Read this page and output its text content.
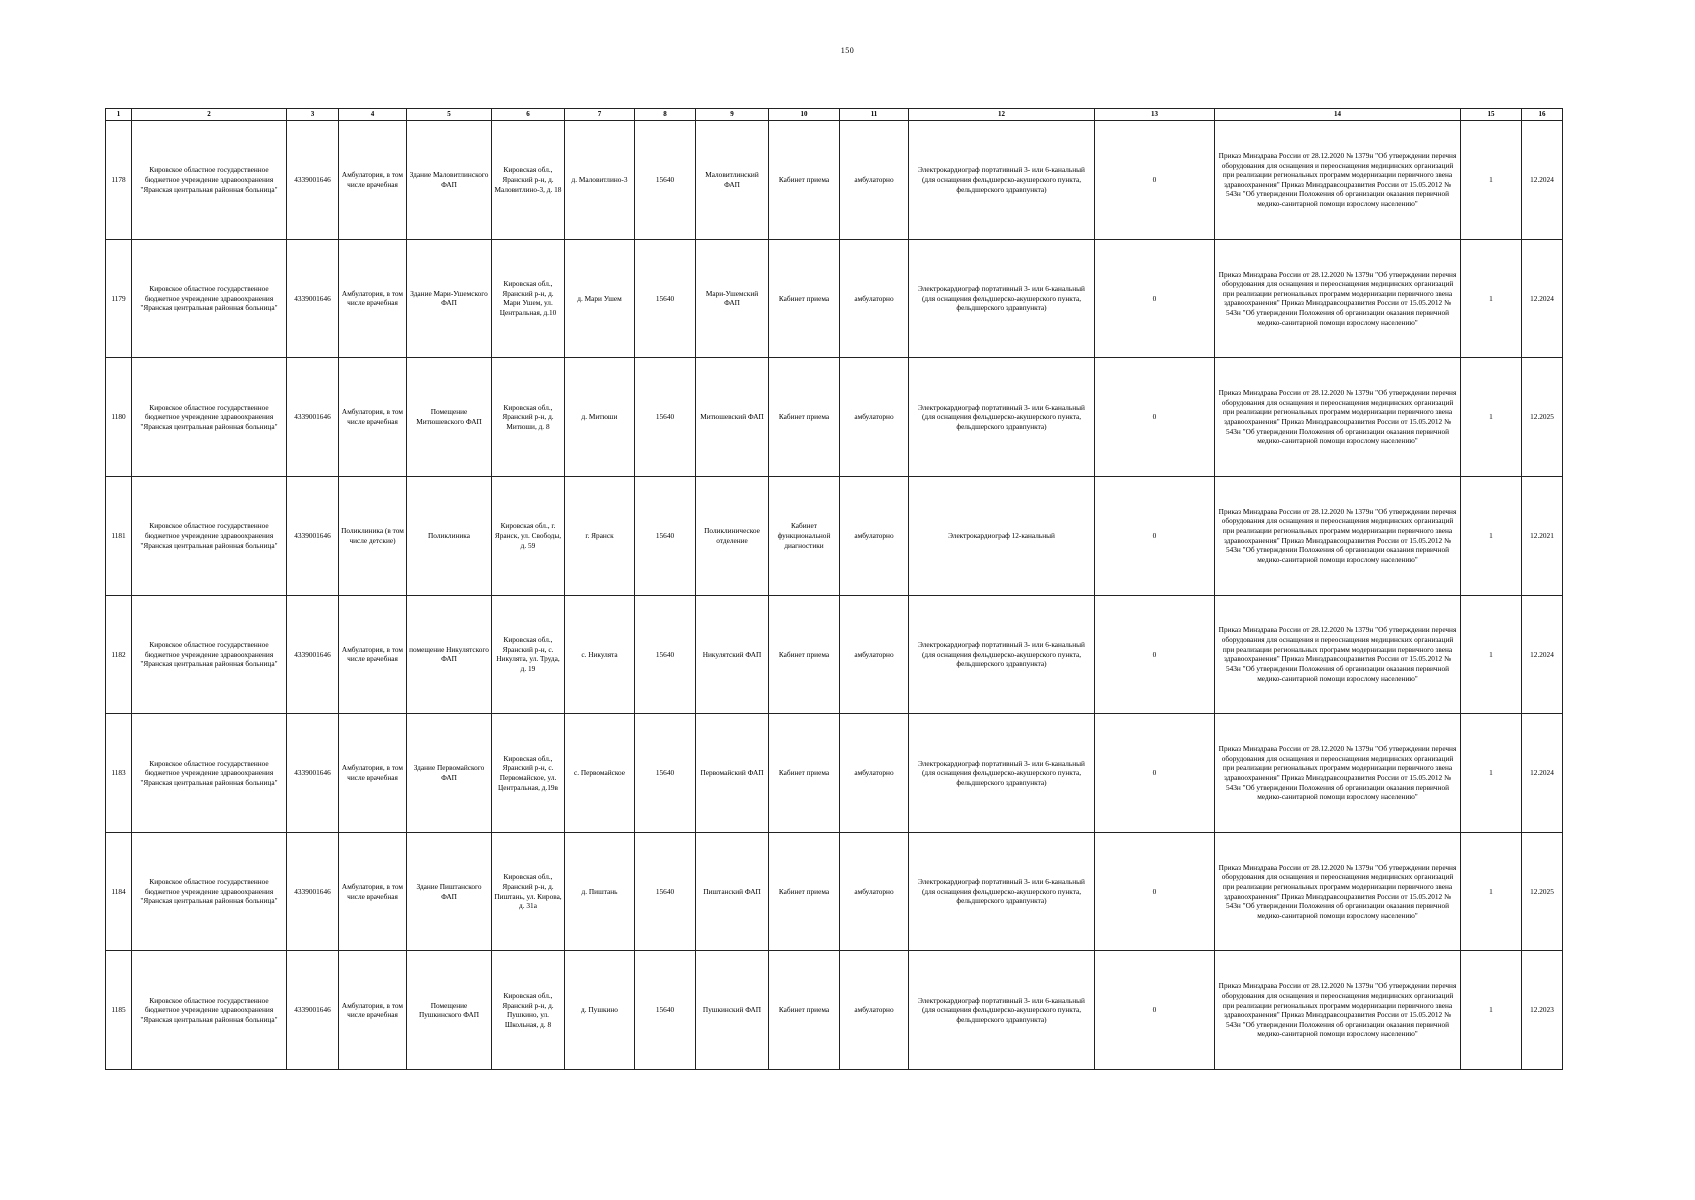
150
1	2	3	4	5	6	7	8	9	10	11	12	13	14	15	16
1178	Кировское областное государственное бюджетное учреждение здравоохранения "Яранская центральная районная больница"	4339001646	Амбулатория, в том числе врачебная	Здание Маловитлинского ФАП	Кировская обл., Яранский р-н, д. Маловитлино-3, д. 18	д. Маловитлино-3	15640	Маловитлинский ФАП	Кабинет приема	амбулаторно	Электрокардиограф портативный 3- или 6-канальный (для оснащения фельдшерско-акушерского пункта, фельдшерского здравпункта)	0	Приказ Минздрава России от 28.12.2020 № 1379н "Об утверждении перечня оборудования для оснащения и переоснащения медицинских организаций при реализации региональных программ модернизации первичного звена здравоохранения" Приказ Минздравсоцразвития России от 15.05.2012 № 543н "Об утверждении Положения об организации оказания первичной медико-санитарной помощи взрослому населению"	1	12.2024
1179	Кировское областное государственное бюджетное учреждение здравоохранения "Яранская центральная районная больница"	4339001646	Амбулатория, в том числе врачебная	Здание Мари-Ушемского ФАП	Кировская обл., Яранский р-н, д. Мари Ушем, ул. Центральная, д.10	д. Мари Ушем	15640	Мари-Ушемский ФАП	Кабинет приема	амбулаторно	Электрокардиограф портативный 3- или 6-канальный (для оснащения фельдшерско-акушерского пункта, фельдшерского здравпункта)	0	Приказ Минздрава России от 28.12.2020 № 1379н "Об утверждении перечня оборудования для оснащения и переоснащения медицинских организаций при реализации региональных программ модернизации первичного звена здравоохранения" Приказ Минздравсоцразвития России от 15.05.2012 № 543н "Об утверждении Положения об организации оказания первичной медико-санитарной помощи взрослому населению"	1	12.2024
1180	Кировское областное государственное бюджетное учреждение здравоохранения "Яранская центральная районная больница"	4339001646	Амбулатория, в том числе врачебная	Помещение Митюшевского ФАП	Кировская обл., Яранский р-н, д. Митюши, д. 8	д. Митюши	15640	Митюшевский ФАП	Кабинет приема	амбулаторно	Электрокардиограф портативный 3- или 6-канальный (для оснащения фельдшерско-акушерского пункта, фельдшерского здравпункта)	0	Приказ Минздрава России от 28.12.2020 № 1379н "Об утверждении перечня оборудования для оснащения и переоснащения медицинских организаций при реализации региональных программ модернизации первичного звена здравоохранения" Приказ Минздравсоцразвития России от 15.05.2012 № 543н "Об утверждении Положения об организации оказания первичной медико-санитарной помощи взрослому населению"	1	12.2025
1181	Кировское областное государственное бюджетное учреждение здравоохранения "Яранская центральная районная больница"	4339001646	Поликлиника (в том числе детские)	Поликлиника	Кировская обл., г. Яранск, ул. Свободы, д. 59	г. Яранск	15640	Поликлиническое отделение	Кабинет функциональной диагностики	амбулаторно	Электрокардиограф 12-канальный	0	Приказ Минздрава России от 28.12.2020 № 1379н "Об утверждении перечня оборудования для оснащения и переоснащения медицинских организаций при реализации региональных программ модернизации первичного звена здравоохранения" Приказ Минздравсоцразвития России от 15.05.2012 № 543н "Об утверждении Положения об организации оказания первичной медико-санитарной помощи взрослому населению"	1	12.2021
1182	Кировское областное государственное бюджетное учреждение здравоохранения "Яранская центральная районная больница"	4339001646	Амбулатория, в том числе врачебная	помещение Никулятского ФАП	Кировская обл., Яранский р-н, с. Никулята, ул. Труда, д. 19	с. Никулята	15640	Никулятский ФАП	Кабинет приема	амбулаторно	Электрокардиограф портативный 3- или 6-канальный (для оснащения фельдшерско-акушерского пункта, фельдшерского здравпункта)	0	Приказ Минздрава России от 28.12.2020 № 1379н "Об утверждении перечня оборудования для оснащения и переоснащения медицинских организаций при реализации региональных программ модернизации первичного звена здравоохранения" Приказ Минздравсоцразвития России от 15.05.2012 № 543н "Об утверждении Положения об организации оказания первичной медико-санитарной помощи взрослому населению"	1	12.2024
1183	Кировское областное государственное бюджетное учреждение здравоохранения "Яранская центральная районная больница"	4339001646	Амбулатория, в том числе врачебная	Здание Первомайского ФАП	Кировская обл., Яранский р-н, с. Первомайское, ул. Центральная, д.19в	с. Первомайское	15640	Первомайский ФАП	Кабинет приема	амбулаторно	Электрокардиограф портативный 3- или 6-канальный (для оснащения фельдшерско-акушерского пункта, фельдшерского здравпункта)	0	Приказ Минздрава России от 28.12.2020 № 1379н "Об утверждении перечня оборудования для оснащения и переоснащения медицинских организаций при реализации региональных программ модернизации первичного звена здравоохранения" Приказ Минздравсоцразвития России от 15.05.2012 № 543н "Об утверждении Положения об организации оказания первичной медико-санитарной помощи взрослому населению"	1	12.2024
1184	Кировское областное государственное бюджетное учреждение здравоохранения "Яранская центральная районная больница"	4339001646	Амбулатория, в том числе врачебная	Здание Пиштанского ФАП	Кировская обл., Яранский р-н, д. Пиштань, ул. Кирова, д. 31а	д. Пиштань	15640	Пиштанский ФАП	Кабинет приема	амбулаторно	Электрокардиограф портативный 3- или 6-канальный (для оснащения фельдшерско-акушерского пункта, фельдшерского здравпункта)	0	Приказ Минздрава России от 28.12.2020 № 1379н "Об утверждении перечня оборудования для оснащения и переоснащения медицинских организаций при реализации региональных программ модернизации первичного звена здравоохранения" Приказ Минздравсоцразвития России от 15.05.2012 № 543н "Об утверждении Положения об организации оказания первичной медико-санитарной помощи взрослому населению"	1	12.2025
1185	Кировское областное государственное бюджетное учреждение здравоохранения "Яранская центральная районная больница"	4339001646	Амбулатория, в том числе врачебная	Помещение Пушкинского ФАП	Кировская обл., Яранский р-н, д. Пушкино, ул. Школьная, д. 8	д. Пушкино	15640	Пушкинский ФАП	Кабинет приема	амбулаторно	Электрокардиограф портативный 3- или 6-канальный (для оснащения фельдшерско-акушерского пункта, фельдшерского здравпункта)	0	Приказ Минздрава России от 28.12.2020 № 1379н "Об утверждении перечня оборудования для оснащения и переоснащения медицинских организаций при реализации региональных программ модернизации первичного звена здравоохранения" Приказ Минздравсоцразвития России от 15.05.2012 № 543н "Об утверждении Положения об организации оказания первичной медико-санитарной помощи взрослому населению"	1	12.2023
